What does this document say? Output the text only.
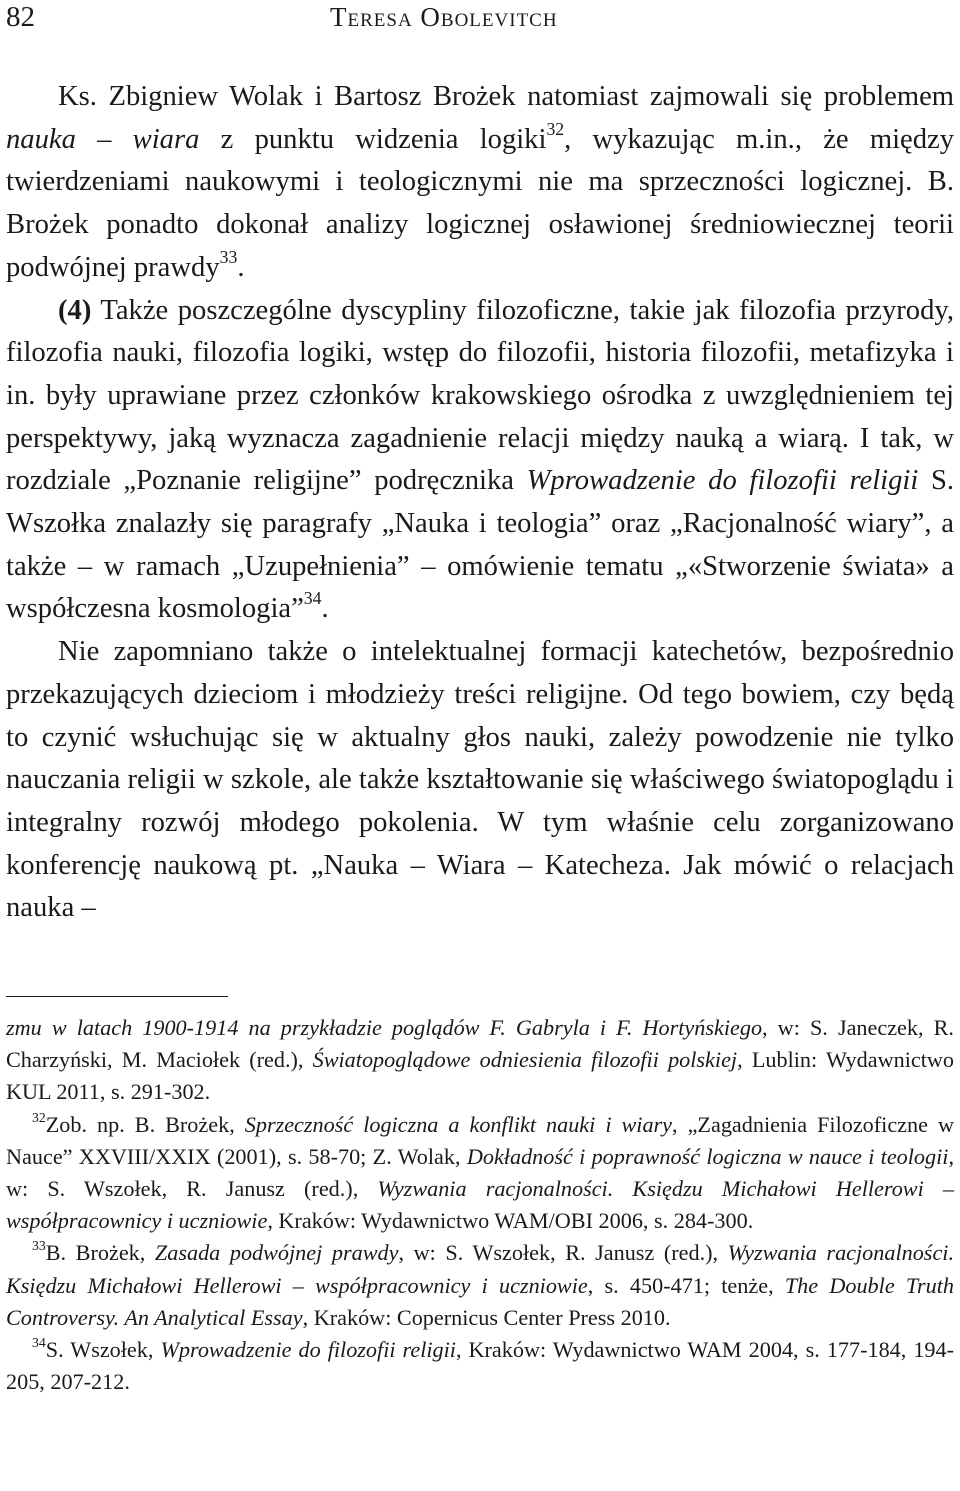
82	Teresa Obolevitch

Ks. Zbigniew Wolak i Bartosz Brożek natomiast zajmowali się problemem nauka – wiara z punktu widzenia logiki$^{32}$, wykazując m.in., że między twierdzeniami naukowymi i teologicznymi nie ma sprzeczności logicznej. B. Brożek ponadto dokonał analizy logicznej osławionej średniowiecznej teorii podwójnej prawdy$^{33}$.

(4) Także poszczególne dyscypliny filozoficzne, takie jak filozofia przyrody, filozofia nauki, filozofia logiki, wstęp do filozofii, historia filozofii, metafizyka i in. były uprawiane przez członków krakowskiego ośrodka z uwzględnieniem tej perspektywy, jaką wyznacza zagadnienie relacji między nauką a wiarą. I tak, w rozdziale „Poznanie religijne” podręcznika Wprowadzenie do filozofii religii S. Wszołka znalazły się paragrafy „Nauka i teologia” oraz „Racjonalność wiary”, a także – w ramach „Uzupełnienia” – omówienie tematu „«Stworzenie świata» a współczesna kosmologia”$^{34}$.

Nie zapomniano także o intelektualnej formacji katechetów, bezpośrednio przekazujących dzieciom i młodzieży treści religijne. Od tego bowiem, czy będą to czynić wsłuchując się w aktualny głos nauki, zależy powodzenie nie tylko nauczania religii w szkole, ale także kształtowanie się właściwego światopoglądu i integralny rozwój młodego pokolenia. W tym właśnie celu zorganizowano konferencję naukową pt. „Nauka – Wiara – Katecheza. Jak mówić o relacjach nauka –

zmu w latach 1900-1914 na przykładzie poglądów F. Gabryla i F. Hortyńskiego, w: S. Janeczek, R. Charzyński, M. Maciołek (red.), Światopoglądowe odniesienia filozofii polskiej, Lublin: Wydawnictwo KUL 2011, s. 291-302.

$^{32}$Zob. np. B. Brożek, Sprzeczność logiczna a konflikt nauki i wiary, „Zagadnienia Filozoficzne w Nauce” XXVIII/XXIX (2001), s. 58-70; Z. Wolak, Dokładność i poprawność logiczna w nauce i teologii, w: S. Wszołek, R. Janusz (red.), Wyzwania racjonalności. Księdzu Michałowi Hellerowi – współpracownicy i uczniowie, Kraków: Wydawnictwo WAM/OBI 2006, s. 284-300.

$^{33}$B. Brożek, Zasada podwójnej prawdy, w: S. Wszołek, R. Janusz (red.), Wyzwania racjonalności. Księdzu Michałowi Hellerowi – współpracownicy i uczniowie, s. 450-471; tenże, The Double Truth Controversy. An Analytical Essay, Kraków: Copernicus Center Press 2010.

$^{34}$S. Wszołek, Wprowadzenie do filozofii religii, Kraków: Wydawnictwo WAM 2004, s. 177-184, 194-205, 207-212.
